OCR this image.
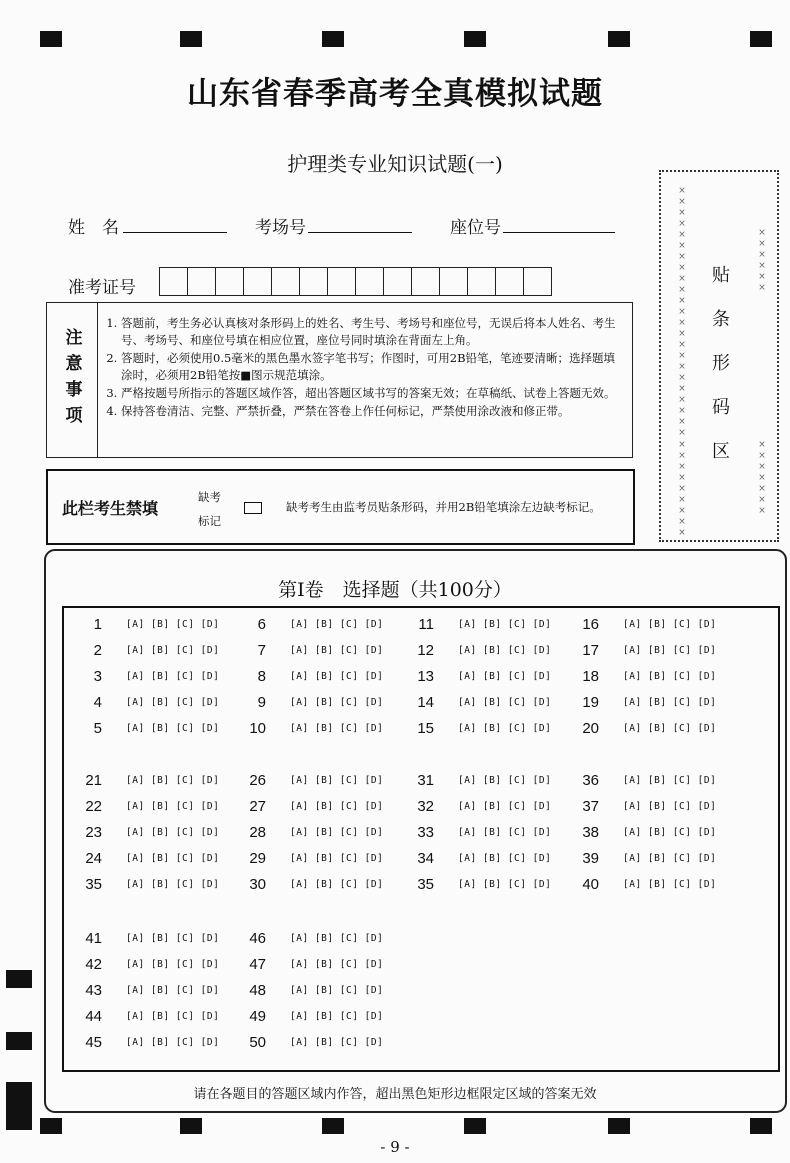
山东省春季高考全真模拟试题
护理类专业知识试题(一)
姓　名	考场号	座位号
准考证号
注意事项
1. 答题前，考生务必认真核对条形码上的姓名、考生号、考场号和座位号，无误后将本人姓名、考生号、考场号、和座位号填在相应位置，座位号同时填涂在背面左上角。
2. 答题时，必须使用0.5毫米的黑色墨水签字笔书写；作图时，可用2B铅笔，笔迹要清晰；选择题填涂时，必须用2B铅笔按■图示规范填涂。
3. 严格按题号所指示的答题区域作答，超出答题区域书写的答案无效；在草稿纸、试卷上答题无效。
4. 保持答卷清洁、完整、严禁折叠，严禁在答卷上作任何标记，严禁使用涂改液和修正带。
此栏考生禁填
缺考标记
缺考考生由监考员贴条形码，并用2B铅笔填涂左边缺考标记。
×××××××××××××××××××××××
×××××××××
××××××
×××××××
贴条形码区
第Ⅰ卷　选择题（共100分）
1	[A] [B] [C] [D]	6	[A] [B] [C] [D]	11	[A] [B] [C] [D]	16	[A] [B] [C] [D]
2	[A] [B] [C] [D]	7	[A] [B] [C] [D]	12	[A] [B] [C] [D]	17	[A] [B] [C] [D]
3	[A] [B] [C] [D]	8	[A] [B] [C] [D]	13	[A] [B] [C] [D]	18	[A] [B] [C] [D]
4	[A] [B] [C] [D]	9	[A] [B] [C] [D]	14	[A] [B] [C] [D]	19	[A] [B] [C] [D]
5	[A] [B] [C] [D]	10	[A] [B] [C] [D]	15	[A] [B] [C] [D]	20	[A] [B] [C] [D]
21	[A] [B] [C] [D]	26	[A] [B] [C] [D]	31	[A] [B] [C] [D]	36	[A] [B] [C] [D]
22	[A] [B] [C] [D]	27	[A] [B] [C] [D]	32	[A] [B] [C] [D]	37	[A] [B] [C] [D]
23	[A] [B] [C] [D]	28	[A] [B] [C] [D]	33	[A] [B] [C] [D]	38	[A] [B] [C] [D]
24	[A] [B] [C] [D]	29	[A] [B] [C] [D]	34	[A] [B] [C] [D]	39	[A] [B] [C] [D]
35	[A] [B] [C] [D]	30	[A] [B] [C] [D]	35	[A] [B] [C] [D]	40	[A] [B] [C] [D]
41	[A] [B] [C] [D]	46	[A] [B] [C] [D]
42	[A] [B] [C] [D]	47	[A] [B] [C] [D]
43	[A] [B] [C] [D]	48	[A] [B] [C] [D]
44	[A] [B] [C] [D]	49	[A] [B] [C] [D]
45	[A] [B] [C] [D]	50	[A] [B] [C] [D]
请在各题目的答题区域内作答，超出黑色矩形边框限定区域的答案无效
- 9 -
